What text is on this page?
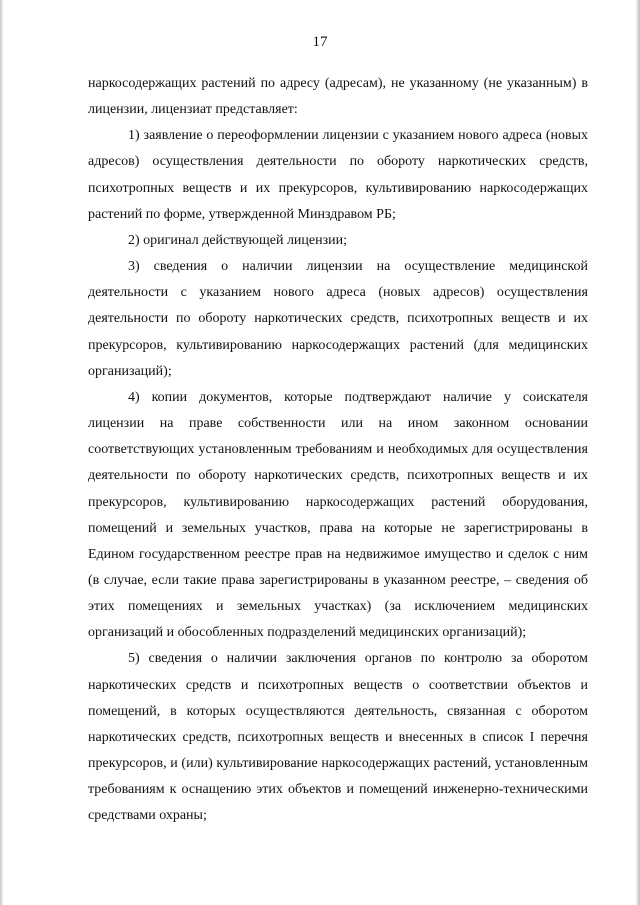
17

наркосодержащих растений по адресу (адресам), не указанному (не указанным) в лицензии, лицензиат представляет:

1) заявление о переоформлении лицензии с указанием нового адреса (новых адресов) осуществления деятельности по обороту наркотических средств, психотропных веществ и их прекурсоров, культивированию наркосодержащих растений по форме, утвержденной Минздравом РБ;

2) оригинал действующей лицензии;

3) сведения о наличии лицензии на осуществление медицинской деятельности с указанием нового адреса (новых адресов) осуществления деятельности по обороту наркотических средств, психотропных веществ и их прекурсоров, культивированию наркосодержащих растений (для медицинских организаций);

4) копии документов, которые подтверждают наличие у соискателя лицензии на праве собственности или на ином законном основании соответствующих установленным требованиям и необходимых для осуществления деятельности по обороту наркотических средств, психотропных веществ и их прекурсоров, культивированию наркосодержащих растений оборудования, помещений и земельных участков, права на которые не зарегистрированы в Едином государственном реестре прав на недвижимое имущество и сделок с ним (в случае, если такие права зарегистрированы в указанном реестре, – сведения об этих помещениях и земельных участках) (за исключением медицинских организаций и обособленных подразделений медицинских организаций);

5) сведения о наличии заключения органов по контролю за оборотом наркотических средств и психотропных веществ о соответствии объектов и помещений, в которых осуществляются деятельность, связанная с оборотом наркотических средств, психотропных веществ и внесенных в список I перечня прекурсоров, и (или) культивирование наркосодержащих растений, установленным требованиям к оснащению этих объектов и помещений инженерно-техническими средствами охраны;
